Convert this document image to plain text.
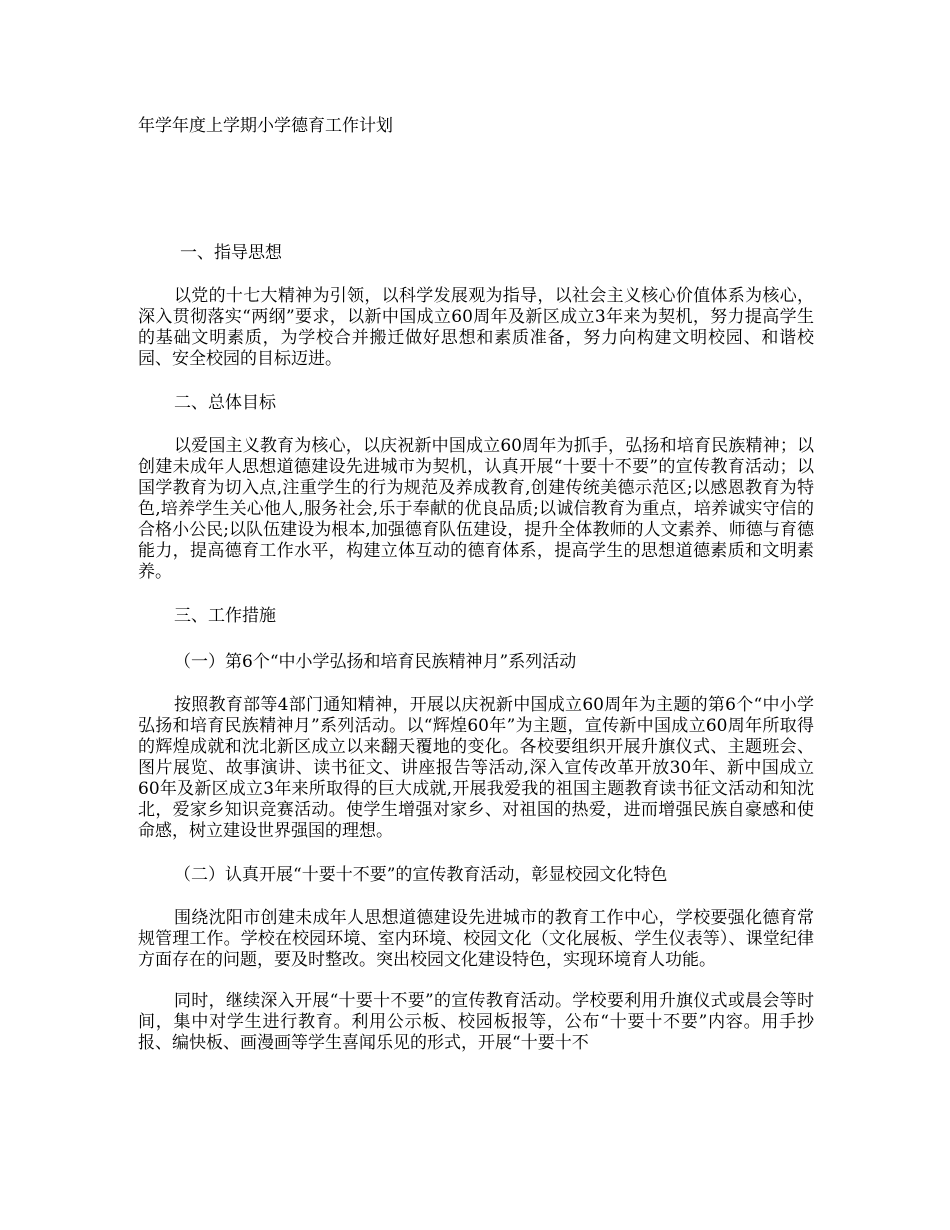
年学年度上学期小学德育工作计划
一、指导思想

以党的十七大精神为引领，以科学发展观为指导，以社会主义核心价值体系为核心，深入贯彻落实“两纲”要求，以新中国成立60周年及新区成立3年来为契机，努力提高学生的基础文明素质，为学校合并搬迁做好思想和素质准备，努力向构建文明校园、和谐校园、安全校园的目标迈进。

二、总体目标

以爱国主义教育为核心，以庆祝新中国成立60周年为抓手，弘扬和培育民族精神；以创建未成年人思想道德建设先进城市为契机，认真开展“十要十不要”的宣传教育活动；以国学教育为切入点,注重学生的行为规范及养成教育,创建传统美德示范区;以感恩教育为特色,培养学生关心他人,服务社会,乐于奉献的优良品质;以诚信教育为重点，培养诚实守信的合格小公民;以队伍建设为根本,加强德育队伍建设，提升全体教师的人文素养、师德与育德能力，提高德育工作水平，构建立体互动的德育体系，提高学生的思想道德素质和文明素养。

三、工作措施
（一）第6个“中小学弘扬和培育民族精神月”系列活动

按照教育部等4部门通知精神，开展以庆祝新中国成立60周年为主题的第6个“中小学弘扬和培育民族精神月”系列活动。以“辉煌60年”为主题，宣传新中国成立60周年所取得的辉煌成就和沈北新区成立以来翻天覆地的变化。各校要组织开展升旗仪式、主题班会、图片展览、故事演讲、读书征文、讲座报告等活动,深入宣传改革开放30年、新中国成立60年及新区成立3年来所取得的巨大成就,开展我爱我的祖国主题教育读书征文活动和知沈北，爱家乡知识竞赛活动。使学生增强对家乡、对祖国的热爱，进而增强民族自豪感和使命感，树立建设世界强国的理想。

（二）认真开展“十要十不要”的宣传教育活动，彰显校园文化特色

围绕沈阳市创建未成年人思想道德建设先进城市的教育工作中心，学校要强化德育常规管理工作。学校在校园环境、室内环境、校园文化（文化展板、学生仪表等）、课堂纪律方面存在的问题，要及时整改。突出校园文化建设特色，实现环境育人功能。

同时，继续深入开展“十要十不要”的宣传教育活动。学校要利用升旗仪式或晨会等时间，集中对学生进行教育。利用公示板、校园板报等，公布“十要十不要”内容。用手抄报、编快板、画漫画等学生喜闻乐见的形式，开展“十要十不
